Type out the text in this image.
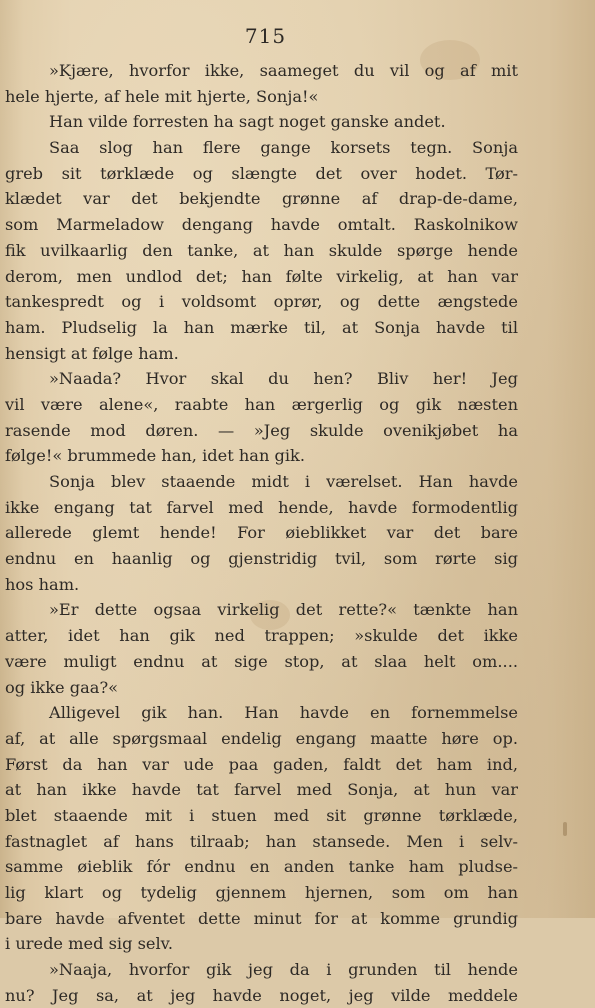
715
»Kjære, hvorfor ikke, saameget du vil og af mit
hele hjerte, af hele mit hjerte, Sonja!«
Han vilde forresten ha sagt noget ganske andet.
Saa slog han flere gange korsets tegn. Sonja
greb sit tørklæde og slængte det over hodet. Tør-
klædet var det bekjendte grønne af drap-de-dame,
som Marmeladow dengang havde omtalt. Raskolnikow
fik uvilkaarlig den tanke, at han skulde spørge hende
derom, men undlod det; han følte virkelig, at han var
tankespredt og i voldsomt oprør, og dette ængstede
ham. Pludselig la han mærke til, at Sonja havde til
hensigt at følge ham.
»Naada? Hvor skal du hen? Bliv her! Jeg
vil være alene«, raabte han ærgerlig og gik næsten
rasende mod døren. — »Jeg skulde ovenikjøbet ha
følge!« brummede han, idet han gik.
Sonja blev staaende midt i værelset. Han havde
ikke engang tat farvel med hende, havde formodentlig
allerede glemt hende! For øieblikket var det bare
endnu en haanlig og gjenstridig tvil, som rørte sig
hos ham.
»Er dette ogsaa virkelig det rette?« tænkte han
atter, idet han gik ned trappen; »skulde det ikke
være muligt endnu at sige stop, at slaa helt om....
og ikke gaa?«
Alligevel gik han. Han havde en fornemmelse
af, at alle spørgsmaal endelig engang maatte høre op.
Først da han var ude paa gaden, faldt det ham ind,
at han ikke havde tat farvel med Sonja, at hun var
blet staaende mit i stuen med sit grønne tørklæde,
fastnaglet af hans tilraab; han stansede. Men i selv-
samme øieblik fór endnu en anden tanke ham pludse-
lig klart og tydelig gjennem hjernen, som om han
bare havde afventet dette minut for at komme grundig
i urede med sig selv.
»Naaja, hvorfor gik jeg da i grunden til hende
nu? Jeg sa, at jeg havde noget, jeg vilde meddele
